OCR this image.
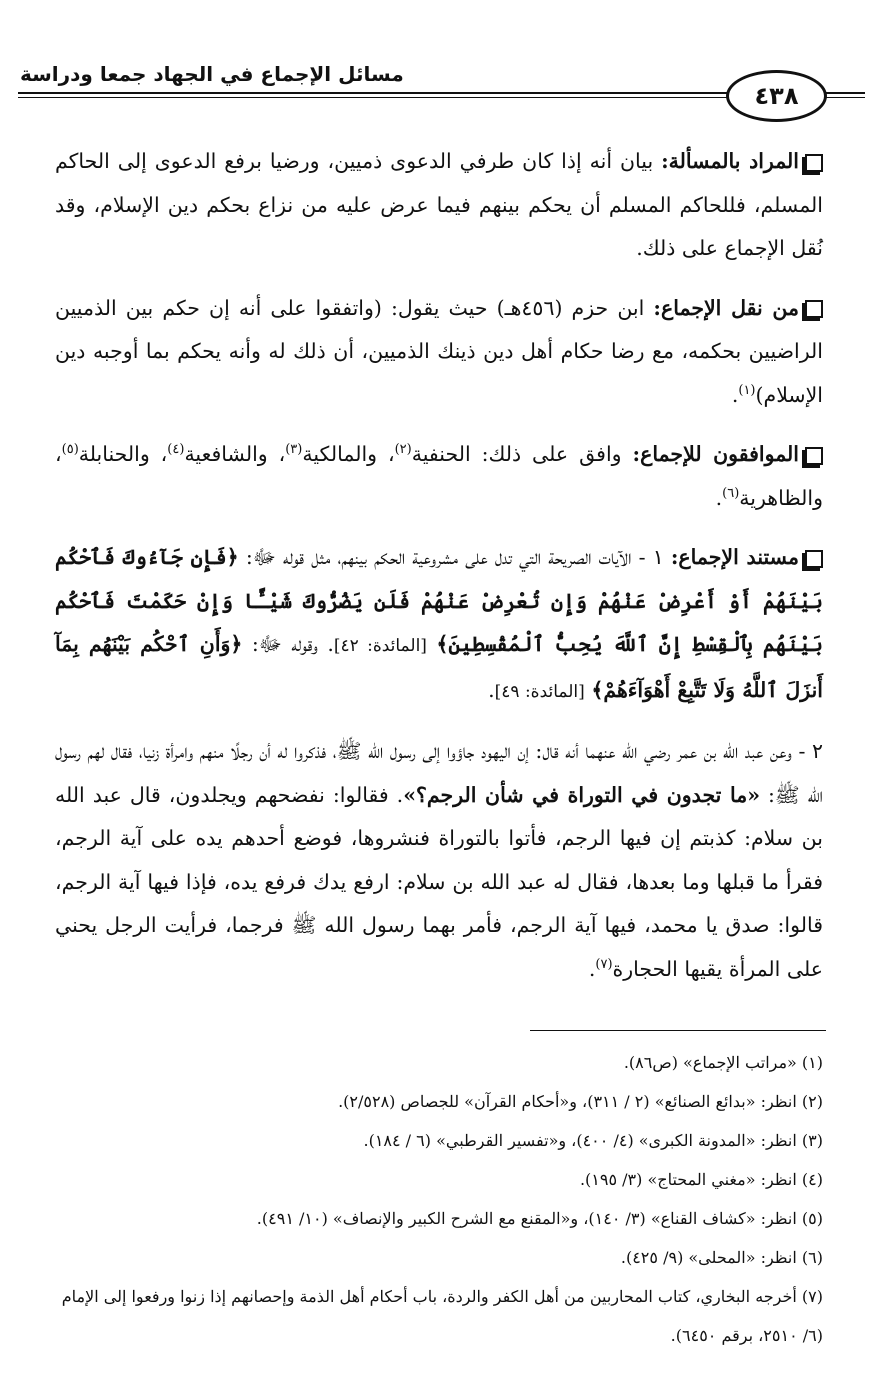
مسائل الإجماع في الجهاد جمعا ودراسة
٤٣٨

المراد بالمسألة: بيان أنه إذا كان طرفي الدعوى ذميين، ورضيا برفع الدعوى إلى الحاكم المسلم، فللحاكم المسلم أن يحكم بينهم فيما عرض عليه من نزاع بحكم دين الإسلام، وقد نُقل الإجماع على ذلك.

من نقل الإجماع: ابن حزم (٤٥٦هـ) حيث يقول: (واتفقوا على أنه إن حكم بين الذميين الراضيين بحكمه، مع رضا حكام أهل دين ذينك الذميين، أن ذلك له وأنه يحكم بما أوجبه دين الإسلام)$^{(١)}$.

الموافقون للإجماع: وافق على ذلك: الحنفية$^{(٢)}$، والمالكية$^{(٣)}$، والشافعية$^{(٤)}$، والحنابلة$^{(٥)}$، والظاهرية$^{(٦)}$.

مستند الإجماع: ١ - الآيات الصريحة التي تدل على مشروعية الحكم بينهم، مثل قوله ﷻ: ﴿فَإِن جَآءُوكَ فَٱحْكُم بَيْنَهُمْ أَوْ أَعْرِضْ عَنْهُمْ وَإِن تُعْرِضْ عَنْهُمْ فَلَن يَضُرُّوكَ شَيْـًٔا وَإِنْ حَكَمْتَ فَٱحْكُم بَيْنَهُم بِٱلْقِسْطِ إِنَّ ٱللَّهَ يُحِبُّ ٱلْمُقْسِطِينَ﴾ [المائدة: ٤٢]. وقوله ﷻ: ﴿وَأَنِ ٱحْكُم بَيْنَهُم بِمَآ أَنزَلَ ٱللَّهُ وَلَا تَتَّبِعْ أَهْوَآءَهُمْ﴾ [المائدة: ٤٩].

٢ - وعن عبد الله بن عمر رضي الله عنهما أنه قال: إن اليهود جاؤوا إلى رسول الله ﷺ، فذكروا له أن رجلًا منهم وامرأة زنيا، فقال لهم رسول الله ﷺ: «ما تجدون في التوراة في شأن الرجم؟». فقالوا: نفضحهم ويجلدون، قال عبد الله بن سلام: كذبتم إن فيها الرجم، فأتوا بالتوراة فنشروها، فوضع أحدهم يده على آية الرجم، فقرأ ما قبلها وما بعدها، فقال له عبد الله بن سلام: ارفع يدك فرفع يده، فإذا فيها آية الرجم، قالوا: صدق يا محمد، فيها آية الرجم، فأمر بهما رسول الله ﷺ فرجما، فرأيت الرجل يحني على المرأة يقيها الحجارة$^{(٧)}$.

(١) «مراتب الإجماع» (ص٨٦).

(٢) انظر: «بدائع الصنائع» (٢ / ٣١١)، و«أحكام القرآن» للجصاص (٢/٥٢٨).

(٣) انظر: «المدونة الكبرى» (٤/ ٤٠٠)، و«تفسير القرطبي» (٦ / ١٨٤).

(٤) انظر: «مغني المحتاج» (٣/ ١٩٥).

(٥) انظر: «كشاف القناع» (٣/ ١٤٠)، و«المقنع مع الشرح الكبير والإنصاف» (١٠/ ٤٩١).

(٦) انظر: «المحلى» (٩/ ٤٢٥).

(٧) أخرجه البخاري، كتاب المحاربين من أهل الكفر والردة، باب أحكام أهل الذمة وإحصانهم إذا زنوا ورفعوا إلى الإمام (٦/ ٢٥١٠، برقم ٦٤٥٠).
